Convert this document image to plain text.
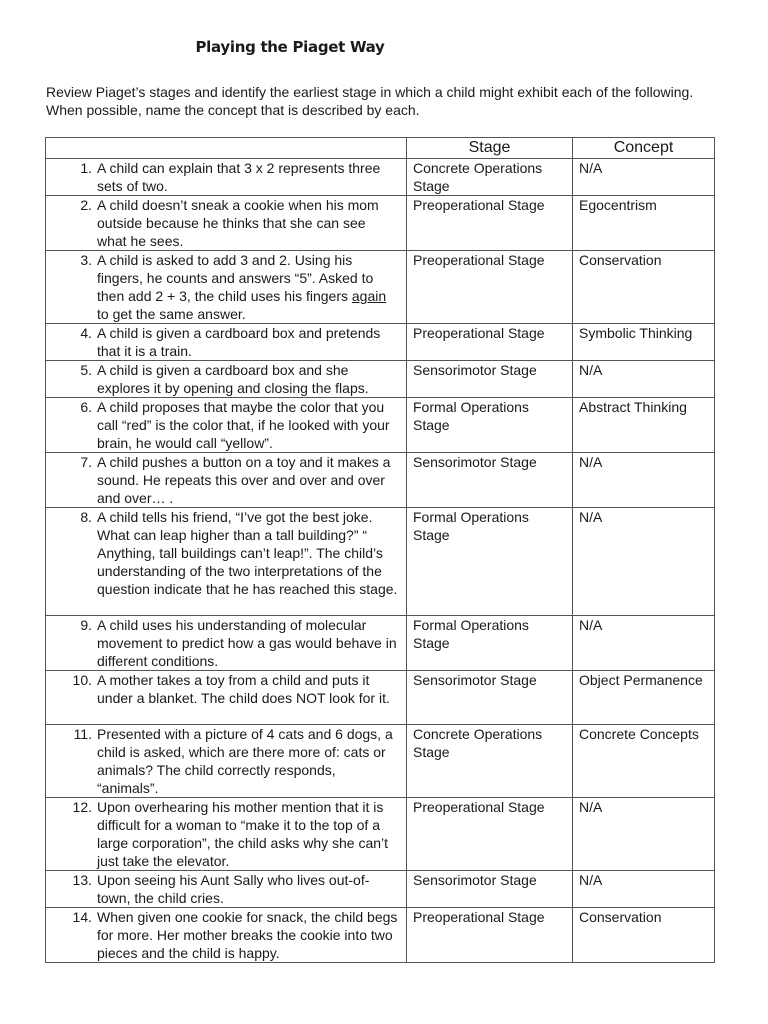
Playing the Piaget Way
Review Piaget’s stages and identify the earliest stage in which a child might exhibit each of the following. When possible, name the concept that is described by each.
	Stage	Concept

1. A child can explain that 3 x 2 represents three sets of two.	Concrete Operations Stage	N/A

2. A child doesn’t sneak a cookie when his mom outside because he thinks that she can see what he sees.	Preoperational Stage	Egocentrism

3. A child is asked to add 3 and 2. Using his fingers, he counts and answers “5”. Asked to then add 2 + 3, the child uses his fingers again to get the same answer.	Preoperational Stage	Conservation

4. A child is given a cardboard box and pretends that it is a train.	Preoperational Stage	Symbolic Thinking

5. A child is given a cardboard box and she explores it by opening and closing the flaps.	Sensorimotor Stage	N/A

6. A child proposes that maybe the color that you call “red” is the color that, if he looked with your brain, he would call “yellow”.	Formal Operations Stage	Abstract Thinking

7. A child pushes a button on a toy and it makes a sound. He repeats this over and over and over and over… .	Sensorimotor Stage	N/A

8. A child tells his friend, “I’ve got the best joke. What can leap higher than a tall building?” “ Anything, tall buildings can’t leap!”. The child’s understanding of the two interpretations of the question indicate that he has reached this stage.	Formal Operations Stage	N/A

9. A child uses his understanding of molecular movement to predict how a gas would behave in different conditions.	Formal Operations Stage	N/A

10. A mother takes a toy from a child and puts it under a blanket. The child does NOT look for it.	Sensorimotor Stage	Object Permanence

11. Presented with a picture of 4 cats and 6 dogs, a child is asked, which are there more of: cats or animals? The child correctly responds, “animals”.	Concrete Operations Stage	Concrete Concepts

12. Upon overhearing his mother mention that it is difficult for a woman to “make it to the top of a large corporation”, the child asks why she can’t just take the elevator.	Preoperational Stage	N/A

13. Upon seeing his Aunt Sally who lives out-of-town, the child cries.	Sensorimotor Stage	N/A

14. When given one cookie for snack, the child begs for more. Her mother breaks the cookie into two pieces and the child is happy.	Preoperational Stage	Conservation
